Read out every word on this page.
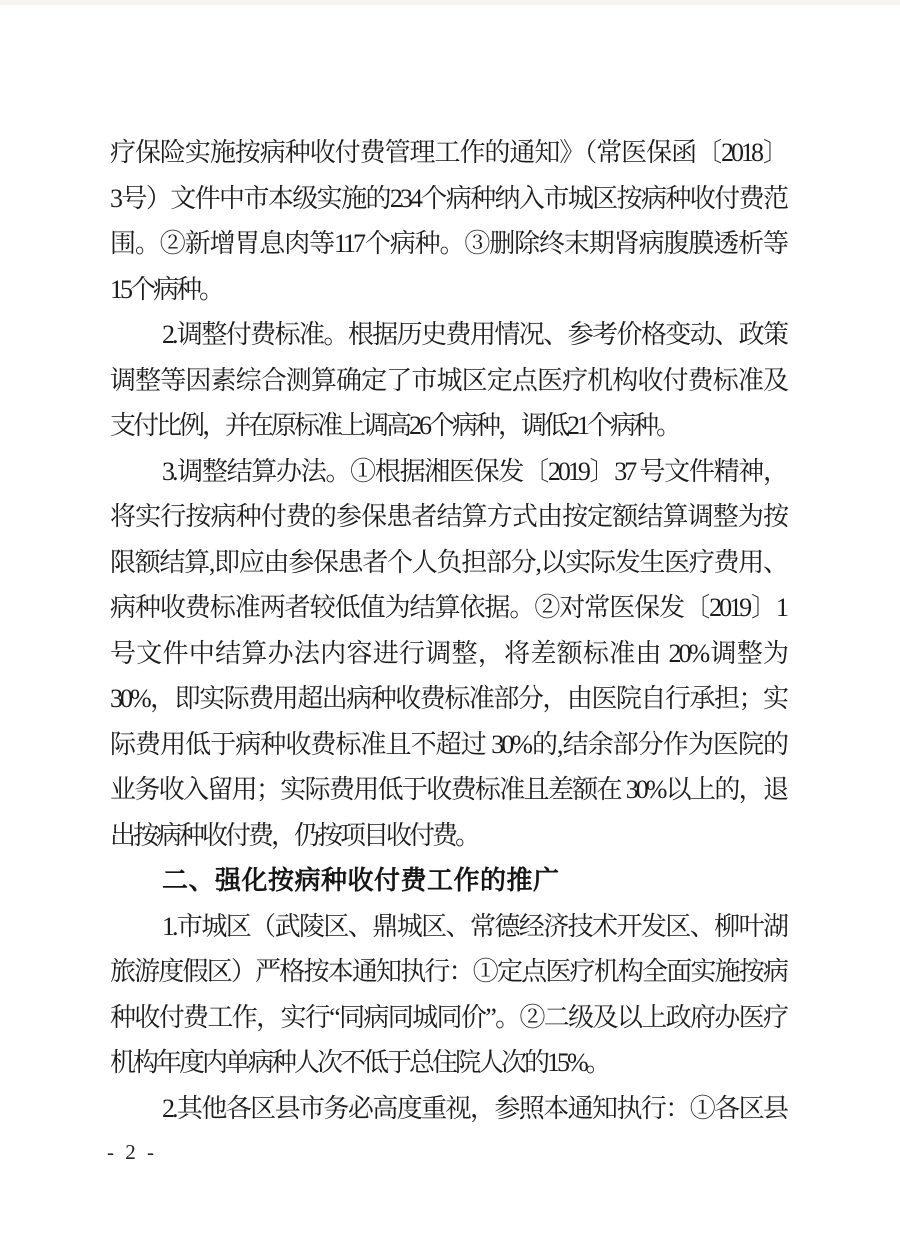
疗保险实施按病种收付费管理工作的通知》（常医保函〔2018〕
3号）文件中市本级实施的234个病种纳入市城区按病种收付费范
围。②新增胃息肉等117个病种。③删除终末期肾病腹膜透析等
15个病种。
2.调整付费标准。根据历史费用情况、参考价格变动、政策
调整等因素综合测算确定了市城区定点医疗机构收付费标准及
支付比例，并在原标准上调高26个病种，调低21个病种。
3.调整结算办法。①根据湘医保发〔2019〕37 号文件精神，
将实行按病种付费的参保患者结算方式由按定额结算调整为按
限额结算,即应由参保患者个人负担部分,以实际发生医疗费用、
病种收费标准两者较低值为结算依据。②对常医保发〔2019〕1
号文件中结算办法内容进行调整，将差额标准由 20%调整为
30%，即实际费用超出病种收费标准部分，由医院自行承担；实
际费用低于病种收费标准且不超过 30%的,结余部分作为医院的
业务收入留用；实际费用低于收费标准且差额在 30%以上的，退
出按病种收付费，仍按项目收付费。
二、强化按病种收付费工作的推广
1.市城区（武陵区、鼎城区、常德经济技术开发区、柳叶湖
旅游度假区）严格按本通知执行：①定点医疗机构全面实施按病
种收付费工作，实行“同病同城同价”。②二级及以上政府办医疗
机构年度内单病种人次不低于总住院人次的15%。
2.其他各区县市务必高度重视，参照本通知执行：①各区县
- 2 -
